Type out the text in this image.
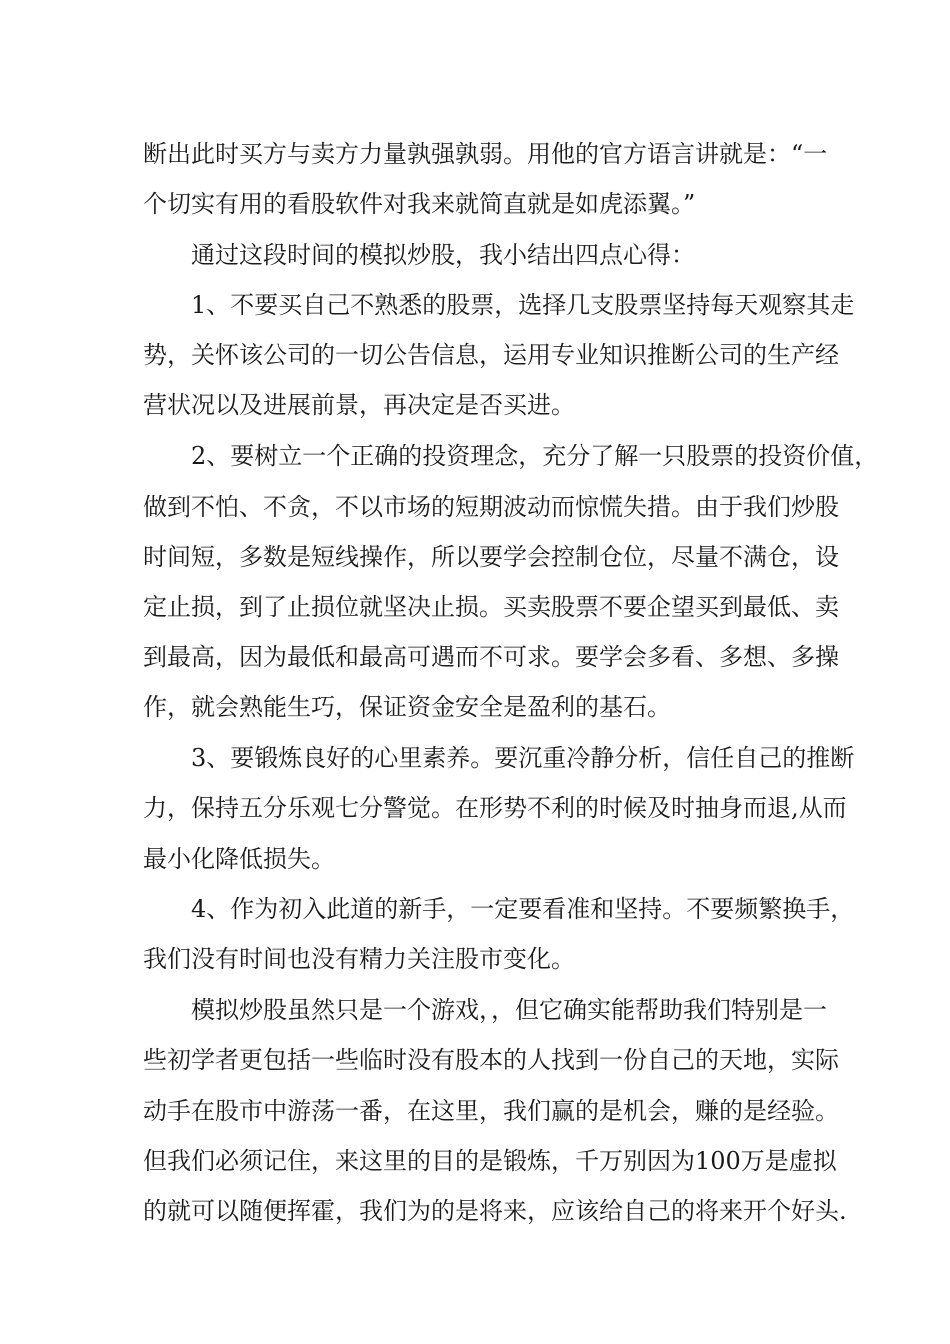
断出此时买方与卖方力量孰强孰弱。用他的官方语言讲就是：“一
个切实有用的看股软件对我来就简直就是如虎添翼。”
通过这段时间的模拟炒股，我小结出四点心得：
1、不要买自己不熟悉的股票，选择几支股票坚持每天观察其走
势，关怀该公司的一切公告信息，运用专业知识推断公司的生产经
营状况以及进展前景，再决定是否买进。
2、要树立一个正确的投资理念，充分了解一只股票的投资价值，
做到不怕、不贪，不以市场的短期波动而惊慌失措。由于我们炒股
时间短，多数是短线操作，所以要学会控制仓位，尽量不满仓，设
定止损，到了止损位就坚决止损。买卖股票不要企望买到最低、卖
到最高，因为最低和最高可遇而不可求。要学会多看、多想、多操
作，就会熟能生巧，保证资金安全是盈利的基石。
3、要锻炼良好的心里素养。要沉重冷静分析，信任自己的推断
力，保持五分乐观七分警觉。在形势不利的时候及时抽身而退,从而
最小化降低损失。
4、作为初入此道的新手，一定要看准和坚持。不要频繁换手，
我们没有时间也没有精力关注股市变化。
模拟炒股虽然只是一个游戏，，但它确实能帮助我们特别是一
些初学者更包括一些临时没有股本的人找到一份自己的天地，实际
动手在股市中游荡一番，在这里，我们赢的是机会，赚的是经验。
但我们必须记住，来这里的目的是锻炼，千万别因为100万是虚拟
的就可以随便挥霍，我们为的是将来，应该给自己的将来开个好头.
